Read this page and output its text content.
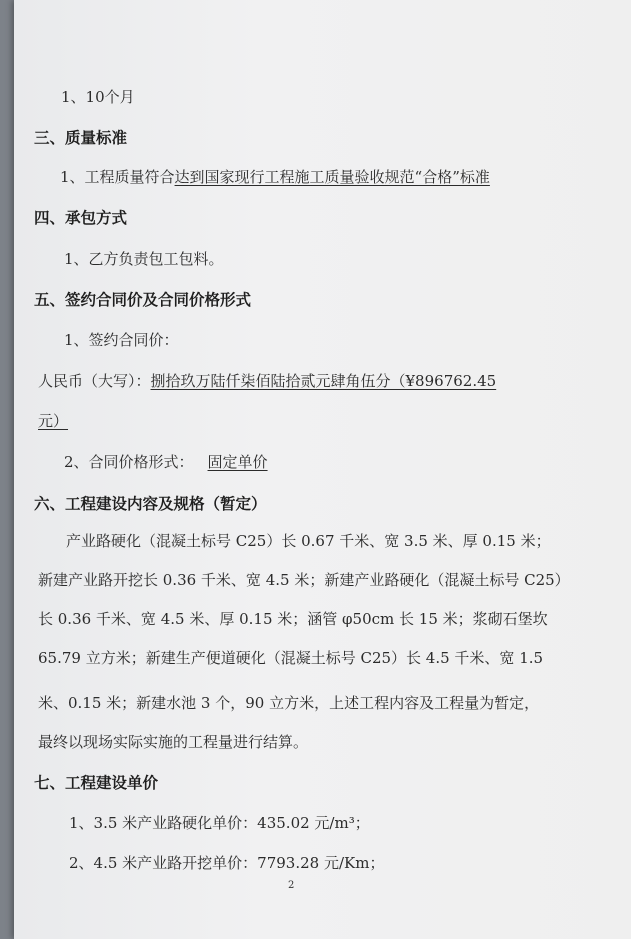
1、10个月
三、质量标准
1、工程质量符合达到国家现行工程施工质量验收规范“合格”标准
四、承包方式
1、乙方负责包工包料。
五、签约合同价及合同价格形式
1、签约合同价：
人民币（大写）：捌拾玖万陆仟柒佰陆拾贰元肆角伍分（¥896762.45
元）
2、合同价格形式： 固定单价
六、工程建设内容及规格（暂定）
产业路硬化（混凝土标号 C25）长 0.67 千米、宽 3.5 米、厚 0.15 米；
新建产业路开挖长 0.36 千米、宽 4.5 米；新建产业路硬化（混凝土标号 C25）
长 0.36 千米、宽 4.5 米、厚 0.15 米；涵管 φ50cm 长 15 米；浆砌石堡坎
65.79 立方米；新建生产便道硬化（混凝土标号 C25）长 4.5 千米、宽 1.5
米、0.15 米；新建水池 3 个，90 立方米，上述工程内容及工程量为暂定，
最终以现场实际实施的工程量进行结算。
七、工程建设单价
1、3.5 米产业路硬化单价：435.02 元/m³；
2、4.5 米产业路开挖单价：7793.28 元/Km；
2
